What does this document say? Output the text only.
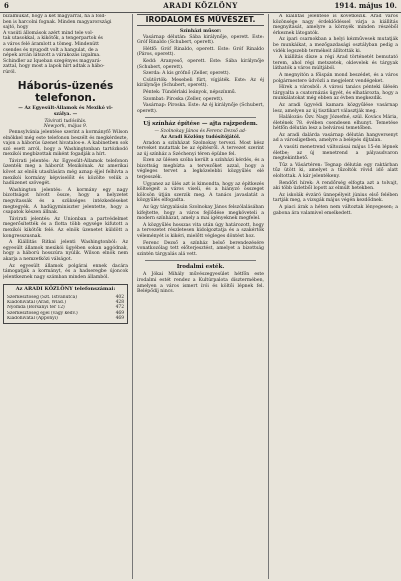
6	ARADI KÖZLÖNY	1914. május 10.
bizalmukat, hogy a két magyarral, ha a föld-
ben is harcolni fognak. Minden magyarországi
sajtó, hogy
A vasúti állomások azért mind tele vol-
tak utasokkal, a kikötők, a tengerpartok és
a város felé áramlott a tömeg. Mindenütt
csendes és nyugodt volt a hangulat, de a
népek arcán látszott a várakozás izgalma.
Schindler az Iqueban szegényes magyará-
zattal, hogy most a lapok hírt adtak a hábo-
rúról.
Háborús-üzenés telefonon.
— Az Egyesült-Államok és Mexikó vi-
szálya. —
Távirati tudósítás.
Newyork, május 9.

Pennsylvánia jelentése szerint a kormányfő Wilson elnökkel még este telefonon beszélt és megkérdezte, vajon a háborús üzenet hivatalos-e. A kabinetben sok szó esett arról, hogy a Washingtonban tartózkodó mexikói megbízottak miként fogadják a hírt.

Távirati jelentés: Az Egyesült-Államok telefonon üzenték meg a háborút Mexikónak. Az amerikai követ az elnök utasítására még aznap éjjel felhívta a mexikói kormány képviselőit és közölte velük a hadüzenet szövegét.

Washington jelentés: A kormány egy nagy bizottságot hívott össze, hogy a helyzetet megvitassák és a szükséges intézkedéseket megtegyék. A hadügyminiszter jelentette, hogy a csapatok készen állnak.

Távirati jelentés: Az Unionban a partvédelmet megerősítették és a flotta több egysége kifutott a mexikói kikötők felé. Az elnök üzenetet küldött a kongresszusnak.

A Kiállitás Ritkai jelenti Washingtonból: Az egyesült államok mexikói ügyében sokan aggódnak, hogy a háború hosszúra nyúlik. Wilson elnök nem akarja a nemzetközi válságot.

Az egyesült államok polgárai ennek dacára támogatják a kormányt, és a hadseregbe újoncok jelentkeznek nagy számban minden államból.

Az ARADI KÖZLÖNY telefonszámai:
Szerkesztőség (Szt. Istvánutca)	402
Kiadóhivatal (Arad, Wlad.)	428
Nyomda (Borsányi tér 12)	472
Szerkesztőség éjjel (vagy kedv.)	469
Kiadóhivatal (Apponyi)	469
IRODALOM ÉS MŰVÉSZET.
Színházi műsor:

Vasárnap délután: Sába királynője, operett. Este: Gróf Rinaldo (Schubert, operett).

Hétfő: Gróf Rinaldo, operett. Este: Gróf Rinaldo (Páros, operett).

Kedd: Aranyeső, operett. Este: Sába királynője (Schubert, operett).

Szerda: A kis grófnő (Zeller, operett).

Csütörtök: Mesebeli fürt, vígjáték. Este: Az éj királynője (Schubert, operett).

Péntek: Tündérlaki leányok, népszínmű.

Szombat: Piroska (Zeller, operett).

Vasárnap: Piroska. Este: Az éj királynője (Schubert, operett).

Uj színház építése — ajta rajzpedem.
— Szolnokay János és Ferenc Dezső ad-
Az Aradi Közlöny tudósítójától.

Aradon a színházat Szolnokay tervezi. Most kész terveket mutattak be az építésről. A tervezet szerint az új színház a Széchenyi téren épülne fel.

Ezen az ülésen szóba került a színházi kérdés, és a bizottság megbízta a tervezőket azzal, hogy a végleges tervet a legközelebbi közgyűlés elé terjesszék.

Ugyanez az ülés azt is kimondta, hogy az építkezés költségeit a város viseli, és a hiányzó összeget kölcsön útján szerzik meg. A tanács javaslatát a közgyűlés elfogadta.

Az ügy tárgyalásán Szolnokay János felszólalásában kifejtette, hogy a város fejlődése megköveteli a modern színházat, amely a mai igényeknek megfelel.

A közgyűlés hosszas vita után úgy határozott, hogy a tervezetet részletesen kidolgoztatja és a szakértők véleményét is kikéri, mielőtt végleges döntést hoz.

Ferenc Dezső a színház belső berendezésére vonatkozólag tett előterjesztést, amelyet a bizottság szintén tárgyalás alá vett.

Irodalmi esték.

A Jókai Mihály művészegyesület hétfőn este irodalmi estét rendez a Kultúrpalota dísztermében, amelyen a város ismert írói és költői lépnek fel. Belépődíj nincs.

A kiállítás jelentése is következik. Arad város közönsége nagy érdeklődéssel várja a kiállítás megnyitását, amelyre a környék minden részéből érkeznek látogatók.

Az ipari csarnokban a helyi kézművesek mutatják be munkáikat, a mezőgazdasági osztályban pedig a vidék legszebb termékeit állították ki.

A kiállítás dísze a régi Arad történetét bemutató terem, ahol régi metszetek, oklevelek és tárgyak láthatók a város múltjából.

A megnyitón a főispán mond beszédet, és a város polgármestere üdvözli a megjelent vendégeket.

Hírek a városból: A városi tanács pénteki ülésén tárgyalta a csatornázás ügyét, és elhatározta, hogy a munkálatokat még ebben az évben megkezdik.

Az aradi ügyvédi kamara közgyűlése vasárnap lesz, amelyen az új tisztikart választják meg.

Halálozás: Özv. Nagy Józsefné, szül. Kovács Mária, életének 78. évében csendesen elhunyt. Temetése hétfőn délután lesz a belvárosi temetőben.

Az aradi dalárda vasárnap délután hangversenyt ad a városligetben, amelyre a belépés díjtalan.

A vasúti menetrend változásai május 15-én lépnek életbe; az új menetrend a pályaudvaron megtekinthető.

Tűz a Vásártéren: Tegnap délután egy raktárban tűz ütött ki, amelyet a tűzoltók rövid idő alatt eloltottak. A kár jelentékeny.

Rendőri hírek: A rendőrség elfogta azt a tolvajt, aki több üzletből lopott az elmúlt hetekben.

Az iskolák évzáró ünnepélyeit június első felében tartják meg, a vizsgák május végén kezdődnek.

A piaci árak a héten nem változtak lényegesen; a gabona ára valamivel emelkedett.
